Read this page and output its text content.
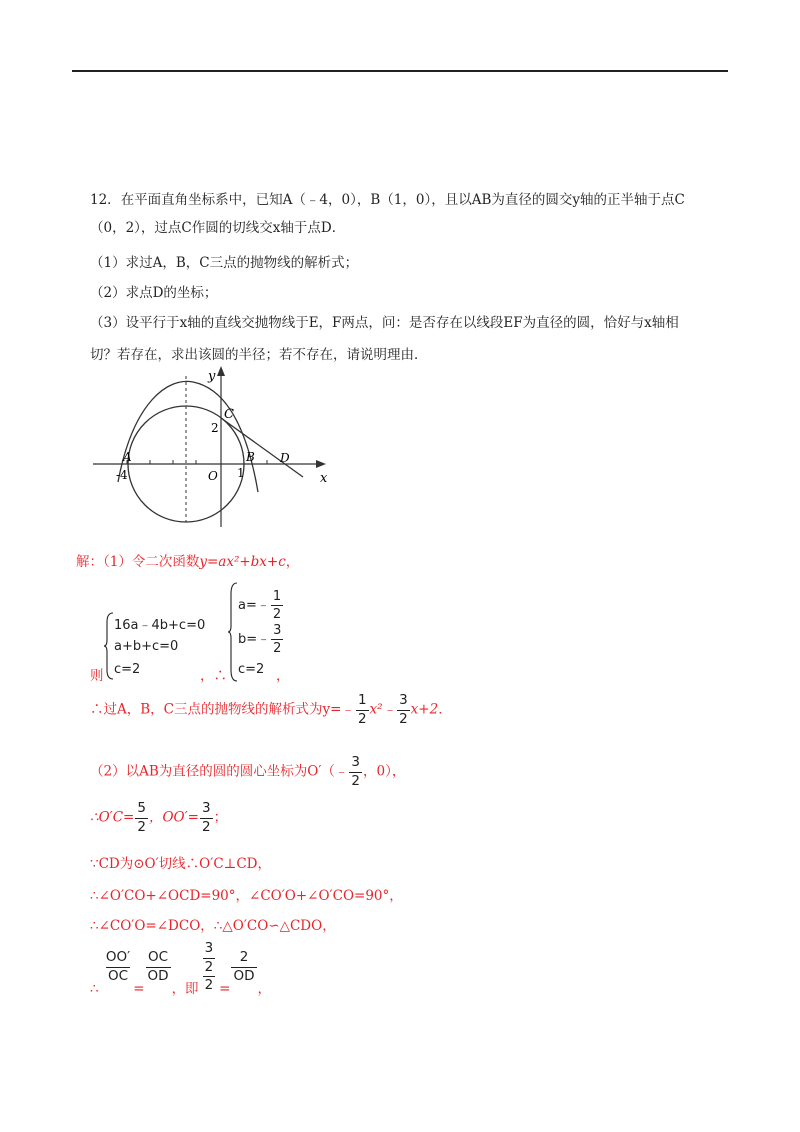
12．在平面直角坐标系中，已知A（﹣4，0），B（1，0），且以AB为直径的圆交y轴的正半轴于点C
（0，2），过点C作圆的切线交x轴于点D．
（1）求过A，B，C三点的抛物线的解析式；
（2）求点D的坐标；
（3）设平行于x轴的直线交抛物线于E，F两点，问：是否存在以线段EF为直径的圆，恰好与x轴相
切？若存在，求出该圆的半径；若不存在，请说明理由．
y
x
C
2
A
-4	O
B
1
D
解：（1）令二次函数y=ax²+bx+c，
16a﹣4b+c=0
a+b+c=0
c=2
则	，∴
a=﹣ $\frac{1}{2}$
b=﹣ $\frac{3}{2}$
c=2 ，
∴过A，B，C三点的抛物线的解析式为y=﹣ $\frac{1}{2}$ x²﹣ $\frac{3}{2} x+2$．
（2）以AB为直径的圆的圆心坐标为O′（﹣ $\frac{3}{2}$ ，0），
∴O′C= $\frac{5}{2}$ ，$OO'= \frac{3}{2}$ ；
∵CD为⊙O′切线∴O′C⊥CD，
∴∠O′CO+∠OCD=90°，∠CO′O+∠O′CO=90°，
∴∠CO′O=∠DCO，∴△O′CO∽△CDO，
∴
$\frac{OO'}{OC}$
=
$\frac{OC}{OD}$
，即 $\frac{\frac{3}{2}}{2}$ =
$\frac{2}{OD}$
，
